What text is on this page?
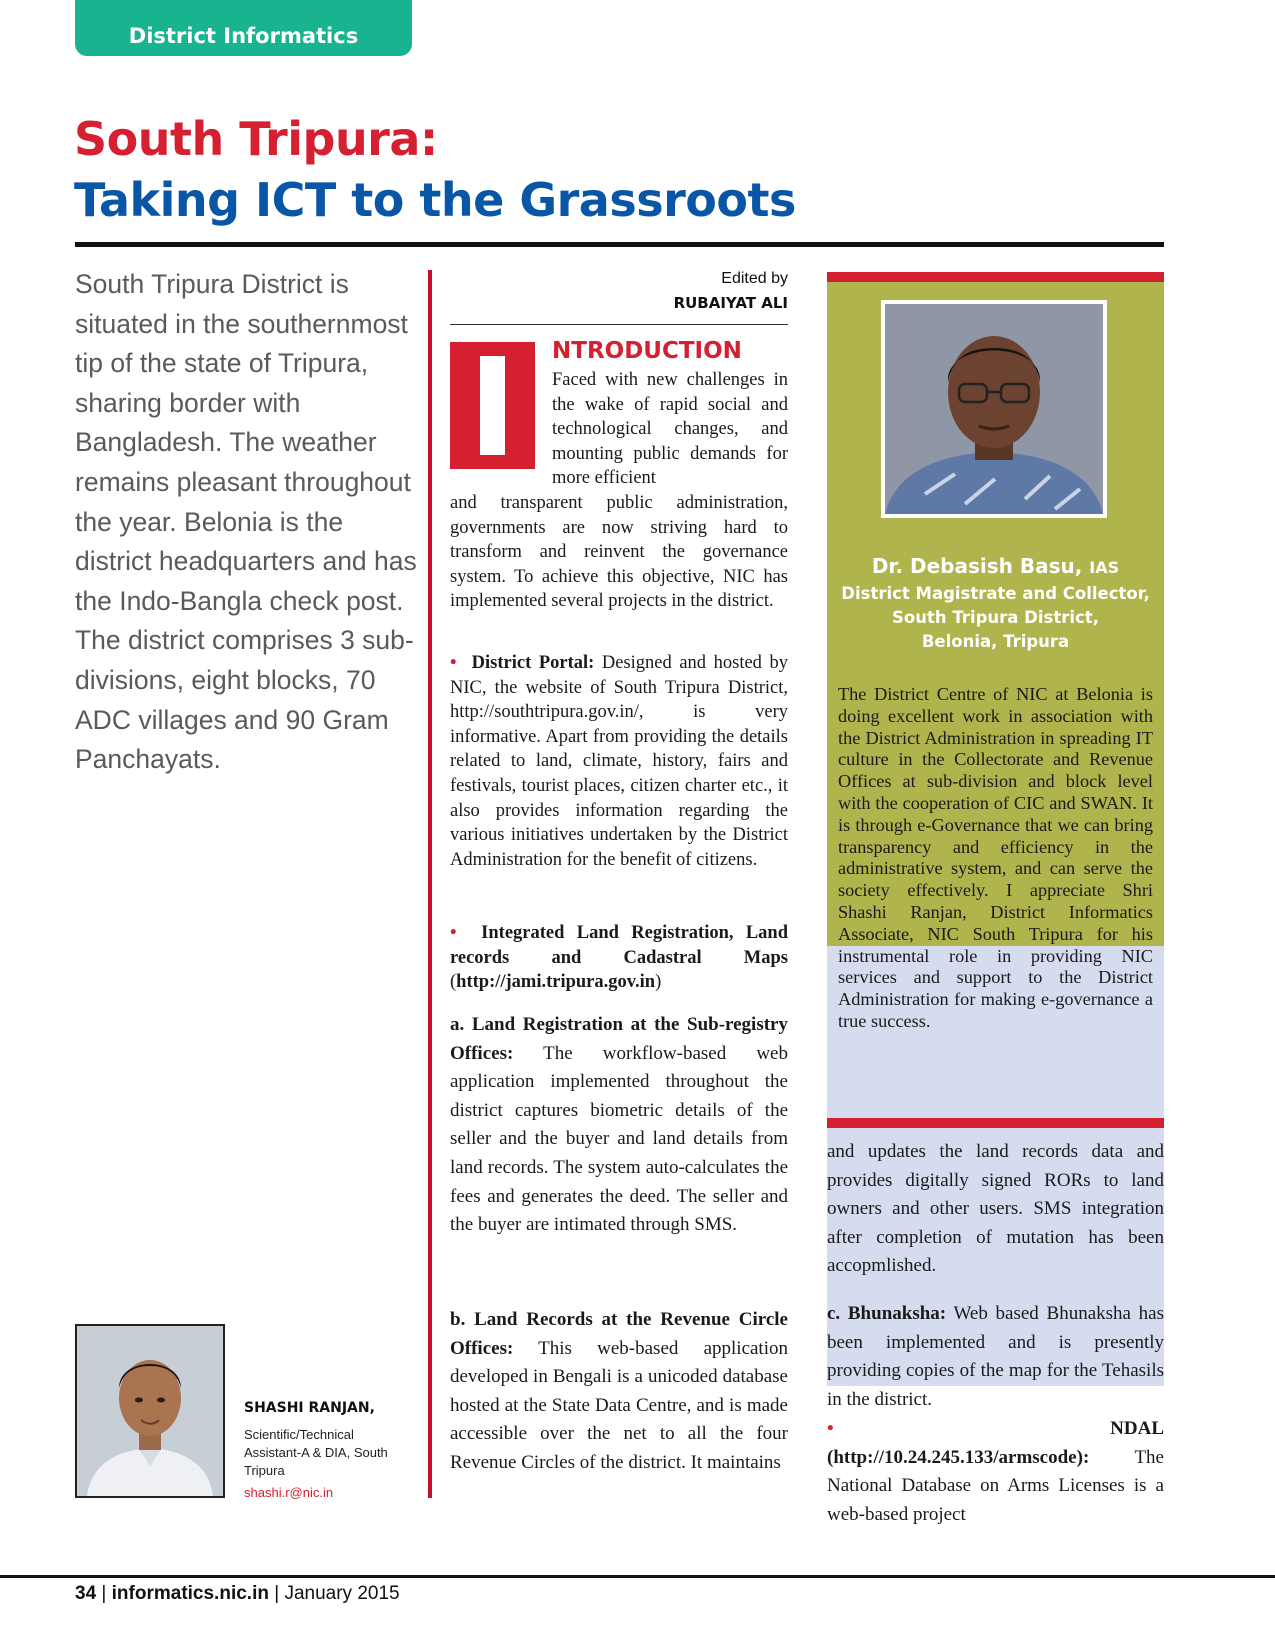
District Informatics
South Tripura:
Taking ICT to the Grassroots

South Tripura District is situated in the southernmost tip of the state of Tripura, sharing border with Bangladesh. The weather remains pleasant throughout the year. Belonia is the district headquarters and has the Indo-Bangla check post. The district comprises 3 sub-divisions, eight blocks, 70 ADC villages and 90 Gram Panchayats.

SHASHI RANJAN,
Scientific/Technical Assistant-A & DIA, South Tripura
shashi.r@nic.in
Edited by
RUBAIYAT ALI
NTRODUCTION

Faced with new challenges in the wake of rapid social and technological changes, and mounting public demands for more efficient

and transparent public administration, governments are now striving hard to transform and reinvent the governance system. To achieve this objective, NIC has implemented several projects in the district.

• District Portal: Designed and hosted by NIC, the website of South Tripura District, http://southtripura.gov.in/, is very informative. Apart from providing the details related to land, climate, history, fairs and festivals, tourist places, citizen charter etc., it also provides information regarding the various initiatives undertaken by the District Administration for the benefit of citizens.

• Integrated Land Registration, Land records and Cadastral Maps (http://jami.tripura.gov.in)

a. Land Registration at the Sub-registry Offices: The workflow-based web application implemented throughout the district captures biometric details of the seller and the buyer and land details from land records. The system auto-calculates the fees and generates the deed. The seller and the buyer are intimated through SMS.

b. Land Records at the Revenue Circle Offices: This web-based application developed in Bengali is a unicoded database hosted at the State Data Centre, and is made accessible over the net to all the four Revenue Circles of the district. It maintains

Dr. Debasish Basu, IAS
District Magistrate and Collector,
South Tripura District,
Belonia, Tripura

The District Centre of NIC at Belonia is doing excellent work in association with the District Administration in spreading IT culture in the Collectorate and Revenue Offices at sub-division and block level with the cooperation of CIC and SWAN. It is through e-Governance that we can bring transparency and efficiency in the administrative system, and can serve the society effectively. I appreciate Shri Shashi Ranjan, District Informatics Associate, NIC South Tripura for his instrumental role in providing NIC services and support to the District Administration for making e-governance a true success.

and updates the land records data and provides digitally signed RORs to land owners and other users. SMS integration after completion of mutation has been accopmlished.

c. Bhunaksha: Web based Bhunaksha has been implemented and is presently providing copies of the map for the Tehasils in the district.

•	NDAL (http://10.24.245.133/armscode): The National Database on Arms Licenses is a web-based project

34 | informatics.nic.in | January 2015
